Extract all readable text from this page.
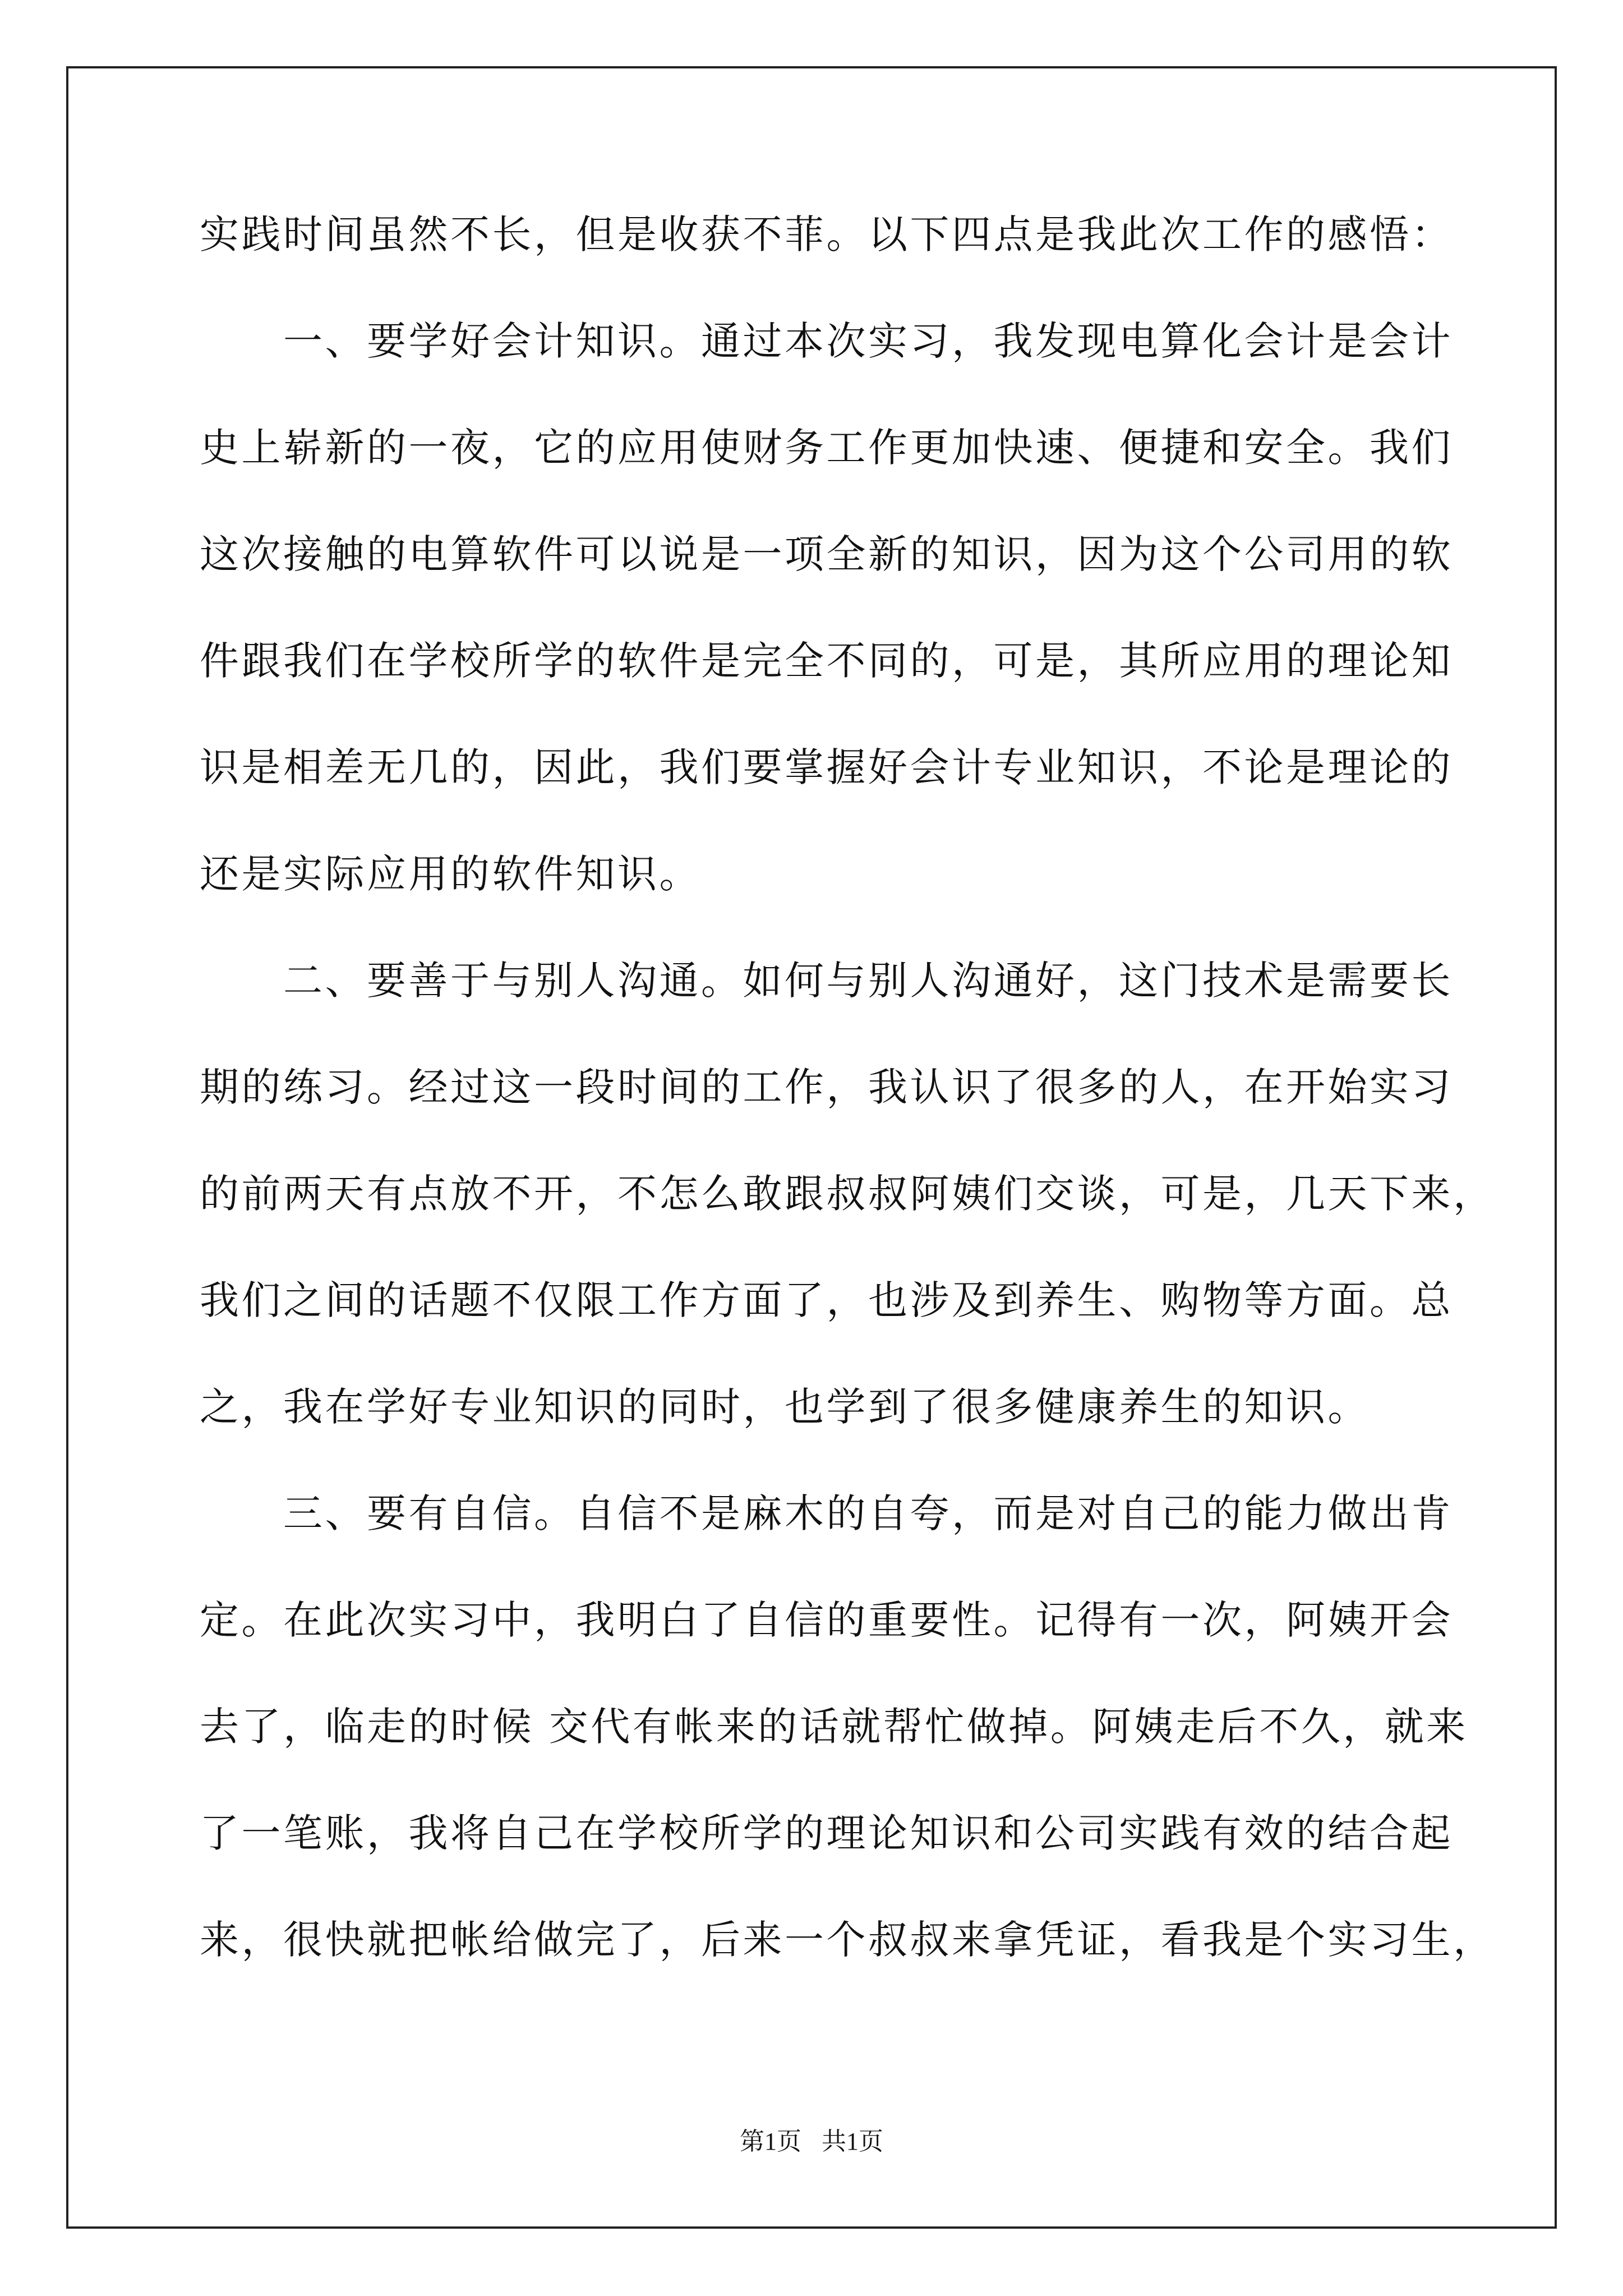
实践时间虽然不长，但是收获不菲。以下四点是我此次工作的感悟：
　　一、要学好会计知识。通过本次实习，我发现电算化会计是会计
史上崭新的一夜，它的应用使财务工作更加快速、便捷和安全。我们
这次接触的电算软件可以说是一项全新的知识，因为这个公司用的软
件跟我们在学校所学的软件是完全不同的，可是，其所应用的理论知
识是相差无几的，因此，我们要掌握好会计专业知识，不论是理论的
还是实际应用的软件知识。
　　二、要善于与别人沟通。如何与别人沟通好，这门技术是需要长
期的练习。经过这一段时间的工作，我认识了很多的人，在开始实习
的前两天有点放不开，不怎么敢跟叔叔阿姨们交谈，可是，几天下来，
我们之间的话题不仅限工作方面了，也涉及到养生、购物等方面。总
之，我在学好专业知识的同时，也学到了很多健康养生的知识。
　　三、要有自信。自信不是麻木的自夸，而是对自己的能力做出肯
定。在此次实习中，我明白了自信的重要性。记得有一次，阿姨开会
去了，临走的时候 交代有帐来的话就帮忙做掉。阿姨走后不久，就来
了一笔账，我将自己在学校所学的理论知识和公司实践有效的结合起
来，很快就把帐给做完了，后来一个叔叔来拿凭证，看我是个实习生，
第1页 共1页
